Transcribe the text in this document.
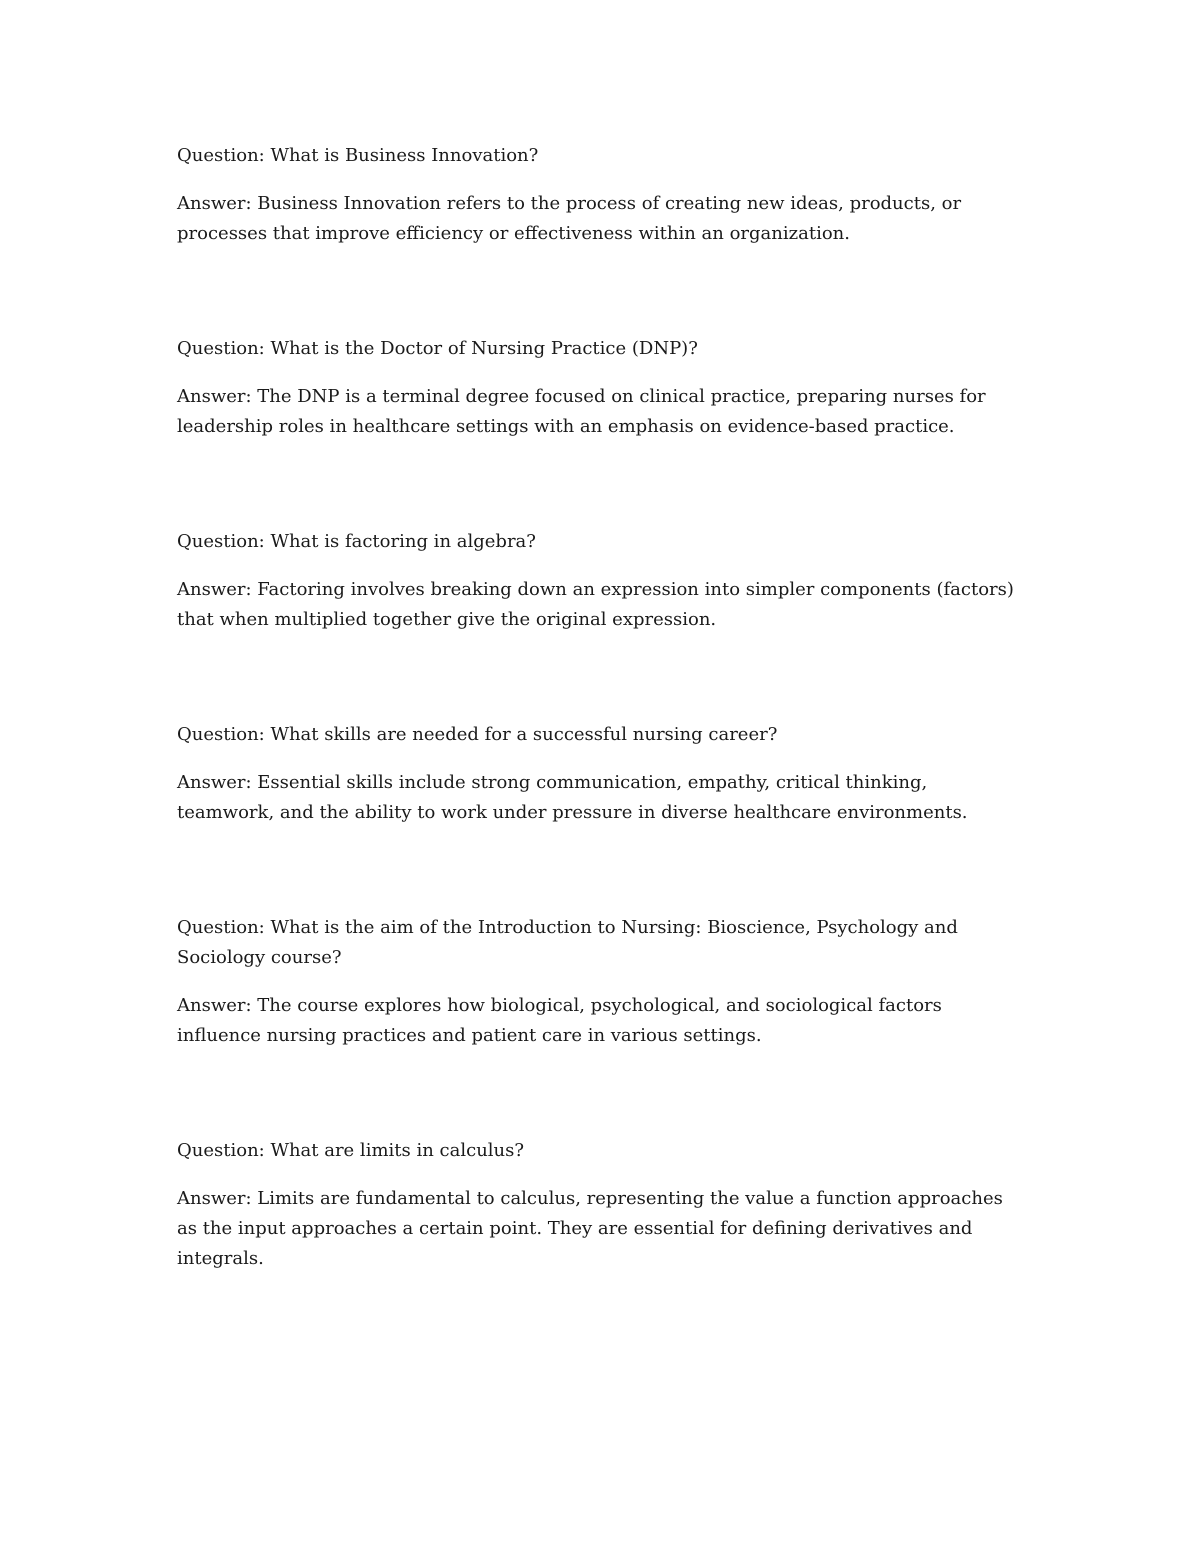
Question: What is Business Innovation?

Answer: Business Innovation refers to the process of creating new ideas, products, or processes that improve efficiency or effectiveness within an organization.

Question: What is the Doctor of Nursing Practice (DNP)?

Answer: The DNP is a terminal degree focused on clinical practice, preparing nurses for leadership roles in healthcare settings with an emphasis on evidence-based practice.

Question: What is factoring in algebra?

Answer: Factoring involves breaking down an expression into simpler components (factors) that when multiplied together give the original expression.

Question: What skills are needed for a successful nursing career?

Answer: Essential skills include strong communication, empathy, critical thinking, teamwork, and the ability to work under pressure in diverse healthcare environments.

Question: What is the aim of the Introduction to Nursing: Bioscience, Psychology and Sociology course?

Answer: The course explores how biological, psychological, and sociological factors influence nursing practices and patient care in various settings.

Question: What are limits in calculus?

Answer: Limits are fundamental to calculus, representing the value a function approaches as the input approaches a certain point. They are essential for defining derivatives and integrals.
